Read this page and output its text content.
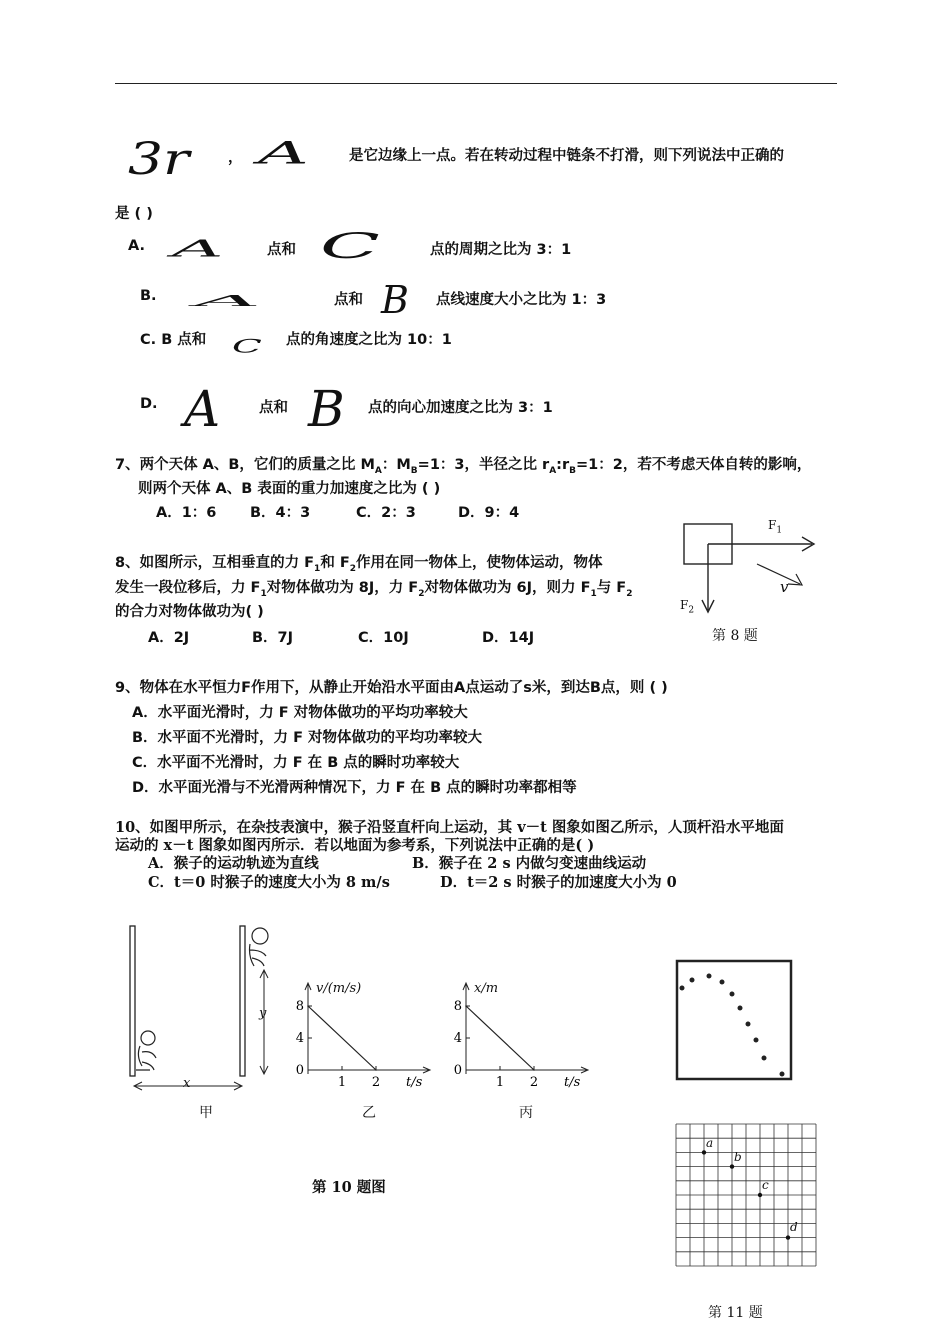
3r	， A	是它边缘上一点。若在转动过程中链条不打滑，则下列说法中正确的
是 ( )
A. A	点和 C	点的周期之比为 3：1
B. A	点和 B 点线速度大小之比为 1：3
C. B 点和 C 点的角速度之比为 10：1
D. A	点和 B 点的向心加速度之比为 3：1
7、两个天体 A、B，它们的质量之比 $M_A$：$M_B=1$：3，半径之比 $r_A:r_B=1$：2，若不考虑天体自转的影响，
则两个天体 A、B 表面的重力加速度之比为 ( )
A．1：6 B．4：3	C．2：3	D．9：4
8、如图所示，互相垂直的力 $F_1$和 $F_2$作用在同一物体上，使物体运动，物体
发生一段位移后，力 $F_1$对物体做功为 8J，力 $F_2$对物体做功为 6J，则力 $F_1$与 $F_2$
的合力对物体做功为( )
A．2J	B．7J	C．10J	D．14J
$F_1$
$F_2$
v
第 8 题
9、物体在水平恒力F作用下，从静止开始沿水平面由A点运动了s米，到达B点，则 ( )
A．水平面光滑时，力 F 对物体做功的平均功率较大
B．水平面不光滑时，力 F 对物体做功的平均功率较大
C．水平面不光滑时，力 F 在 B 点的瞬时功率较大
D．水平面光滑与不光滑两种情况下，力 F 在 B 点的瞬时功率都相等
10、如图甲所示，在杂技表演中，猴子沿竖直杆向上运动，其 v－t 图象如图乙所示，人顶杆沿水平地面
运动的 x－t 图象如图丙所示．若以地面为参考系，下列说法中正确的是( )
A．猴子的运动轨迹为直线	B．猴子在 2 s 内做匀变速曲线运动
C．t＝0 时猴子的速度大小为 8 m/s	D．t＝2 s 时猴子的加速度大小为 0
y
x
甲
0
4
8
1 2 t/s
v/(m/s)
乙
0
4
8
1 2 t/s
x/m
丙
第 10 题图
a
b
c
d
第 11 题
